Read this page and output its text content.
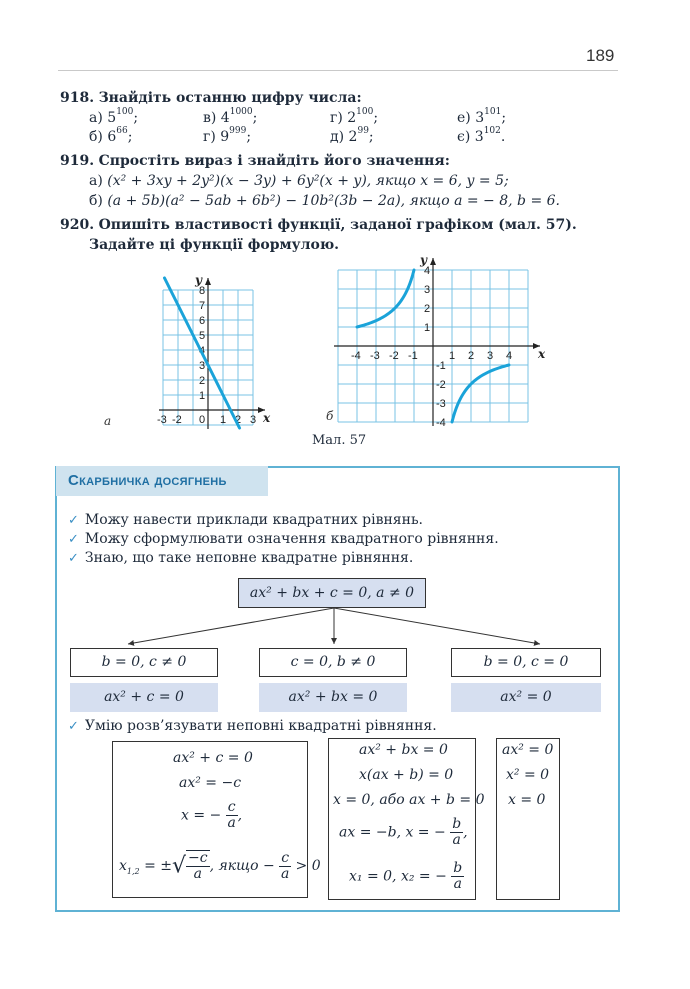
189
918. Знайдіть останню цифру числа:
а) $5^{100}$;	в) $4^{1000}$;	г) $2^{100}$;	е) $3^{101}$;
б) $6^{66}$;	г) $9^{999}$;	д) $2^{99}$;	є) $3^{102}$.
919. Спростіть вираз і знайдіть його значення:
а) (x² + 3xy + 2y²)(x − 3y) + 6y²(x + y), якщо x = 6, y = 5;
б) (a + 5b)(a² − 5ab + 6b²) − 10b²(3b − 2a), якщо a = − 8, b = 6.
920. Опишіть властивості функції, заданої графіком (мал. 57).
Задайте ці функції формулою.
x
y
-3 -2 0 1 2 3
1
2
3
4
5
6
7
8
а
x
y
-4 -3 -2 -1	1 2 3 4
4
3
2
1
-1
-2
-3
-4
б
Мал. 57
Скарбничка досягнень
✓ Можу навести приклади квадратних рівнянь.
✓ Можу сформулювати означення квадратного рівняння.
✓ Знаю, що таке неповне квадратне рівняння.
ax² + bx + c = 0, a ≠ 0
b = 0, c ≠ 0	c = 0, b ≠ 0	b = 0, c = 0
ax² + c = 0	ax² + bx = 0	ax² = 0
✓ Умію розв’язувати неповні квадратні рівняння.
ax² + c = 0
ax² = −c
x = − $\frac{c}{a}$ ,
$x_{1,2}$ = ±√ $\frac{-c}{a}$ , якщо − $\frac{c}{a} > 0$
ax² + bx = 0
x(ax + b) = 0
x = 0, або ax + b = 0
ax = −b, x = − $\frac{b}{a}$ ,
x₁ = 0, x₂ = − $\frac{b}{a}$
ax² = 0
x² = 0
x = 0
